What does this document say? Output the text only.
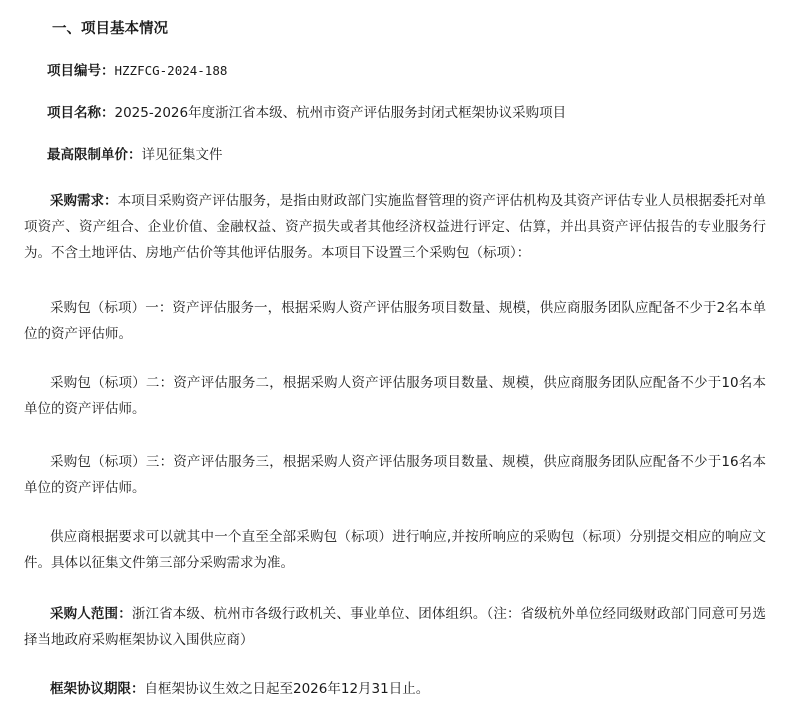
一、项目基本情况
项目编号：HZZFCG-2024-188
项目名称：2025-2026年度浙江省本级、杭州市资产评估服务封闭式框架协议采购项目
最高限制单价：详见征集文件
采购需求：本项目采购资产评估服务，是指由财政部门实施监督管理的资产评估机构及其资产评估专业人员根据委托对单项资产、资产组合、企业价值、金融权益、资产损失或者其他经济权益进行评定、估算，并出具资产评估报告的专业服务行为。不含土地评估、房地产估价等其他评估服务。本项目下设置三个采购包（标项）：
采购包（标项）一：资产评估服务一，根据采购人资产评估服务项目数量、规模，供应商服务团队应配备不少于2名本单位的资产评估师。
采购包（标项）二：资产评估服务二，根据采购人资产评估服务项目数量、规模，供应商服务团队应配备不少于10名本单位的资产评估师。
采购包（标项）三：资产评估服务三，根据采购人资产评估服务项目数量、规模，供应商服务团队应配备不少于16名本单位的资产评估师。
供应商根据要求可以就其中一个直至全部采购包（标项）进行响应,并按所响应的采购包（标项）分别提交相应的响应文件。具体以征集文件第三部分采购需求为准。
采购人范围：浙江省本级、杭州市各级行政机关、事业单位、团体组织。（注：省级杭外单位经同级财政部门同意可另选择当地政府采购框架协议入围供应商）
框架协议期限：自框架协议生效之日起至2026年12月31日止。
